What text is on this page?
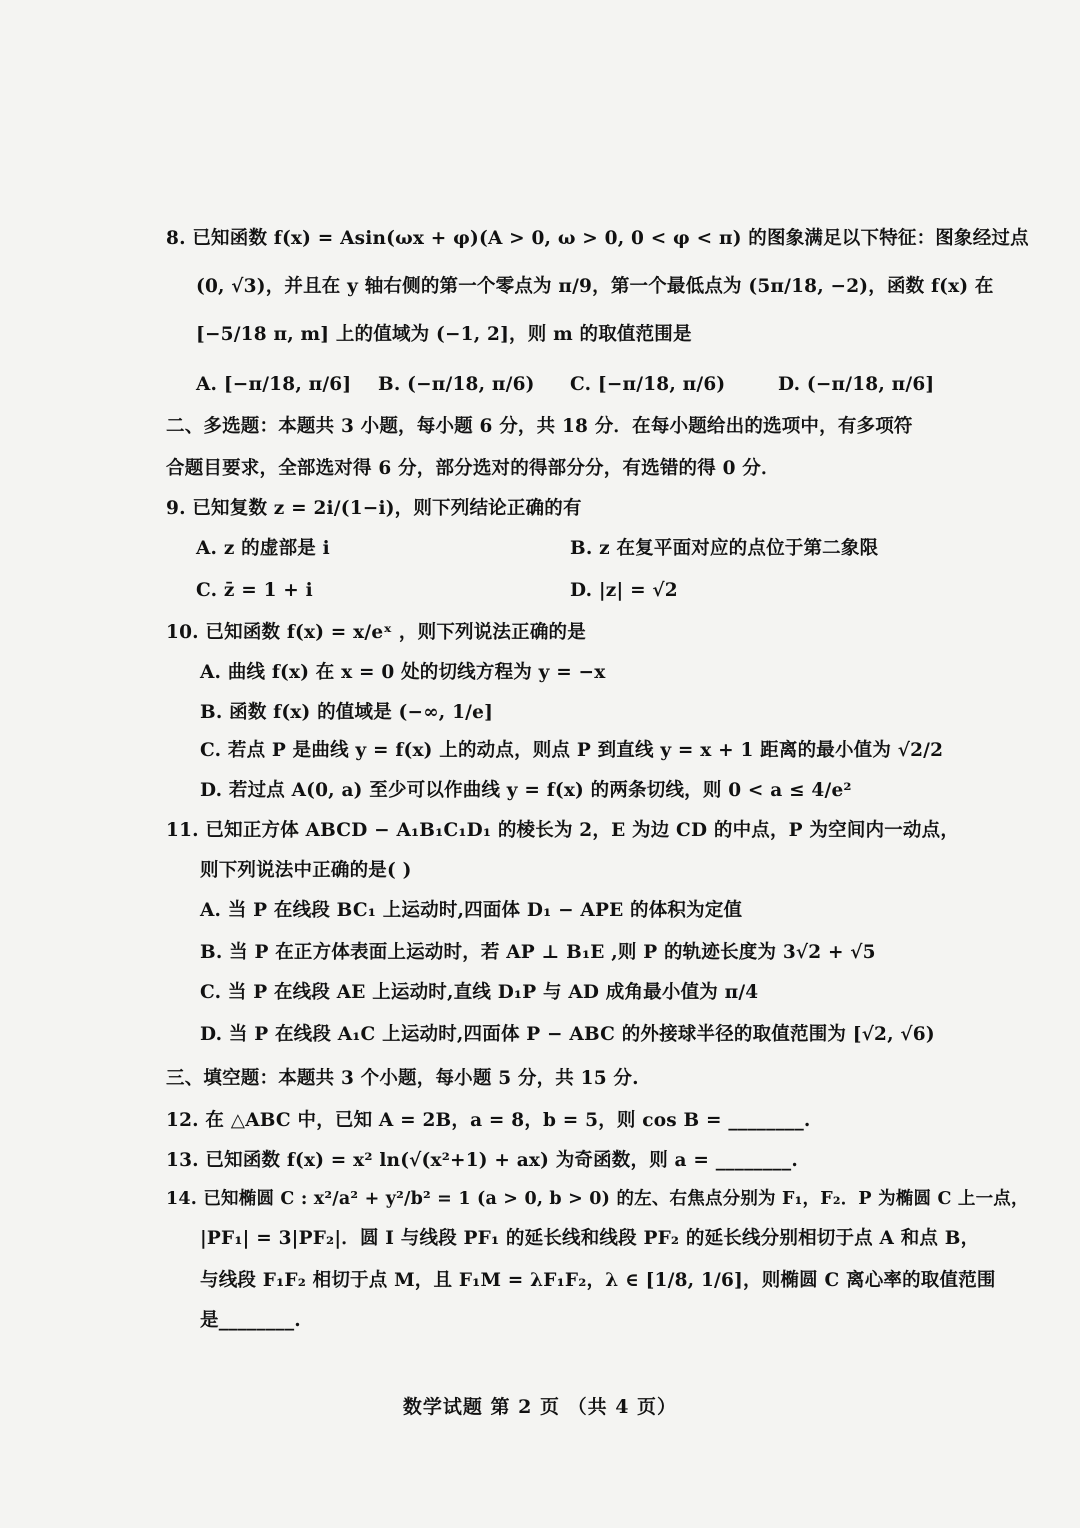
8. 已知函数 f(x) = Asin(ωx + φ)(A > 0, ω > 0, 0 < φ < π) 的图象满足以下特征：图象经过点
(0, √3)，并且在 y 轴右侧的第一个零点为 π/9，第一个最低点为 (5π/18, −2)，函数 f(x) 在
[−5/18 π, m] 上的值域为 (−1, 2]，则 m 的取值范围是
A. [−π/18, π/6] B. (−π/18, π/6) C. [−π/18, π/6)	D. (−π/18, π/6]
二、多选题：本题共 3 小题，每小题 6 分，共 18 分．在每小题给出的选项中，有多项符
合题目要求，全部选对得 6 分，部分选对的得部分分，有选错的得 0 分．
9. 已知复数 z = 2i/(1−i)，则下列结论正确的有
A. z 的虚部是 i	B. z 在复平面对应的点位于第二象限
C. z̄ = 1 + i	D. |z| = √2
10. 已知函数 f(x) = x/eˣ ，则下列说法正确的是
A. 曲线 f(x) 在 x = 0 处的切线方程为 y = −x
B. 函数 f(x) 的值域是 (−∞, 1/e]
C. 若点 P 是曲线 y = f(x) 上的动点，则点 P 到直线 y = x + 1 距离的最小值为 √2/2
D. 若过点 A(0, a) 至少可以作曲线 y = f(x) 的两条切线，则 0 < a ≤ 4/e²
11. 已知正方体 ABCD − A₁B₁C₁D₁ 的棱长为 2，E 为边 CD 的中点，P 为空间内一动点，
则下列说法中正确的是( )
A. 当 P 在线段 BC₁ 上运动时,四面体 D₁ − APE 的体积为定值
B. 当 P 在正方体表面上运动时，若 AP ⊥ B₁E ,则 P 的轨迹长度为 3√2 + √5
C. 当 P 在线段 AE 上运动时,直线 D₁P 与 AD 成角最小值为 π/4
D. 当 P 在线段 A₁C 上运动时,四面体 P − ABC 的外接球半径的取值范围为 [√2, √6)
三、填空题：本题共 3 个小题，每小题 5 分，共 15 分.
12. 在 △ABC 中，已知 A = 2B，a = 8，b = 5，则 cos B = ________.
13. 已知函数 f(x) = x² ln(√(x²+1) + ax) 为奇函数，则 a = ________.
14. 已知椭圆 C : x²/a² + y²/b² = 1 (a > 0, b > 0) 的左、右焦点分别为 F₁，F₂．P 为椭圆 C 上一点，
|PF₁| = 3|PF₂|．圆 I 与线段 PF₁ 的延长线和线段 PF₂ 的延长线分别相切于点 A 和点 B，
与线段 F₁F₂ 相切于点 M，且 F₁M = λF₁F₂，λ ∈ [1/8, 1/6]，则椭圆 C 离心率的取值范围
是________.
数学试题 第 2 页 （共 4 页）
